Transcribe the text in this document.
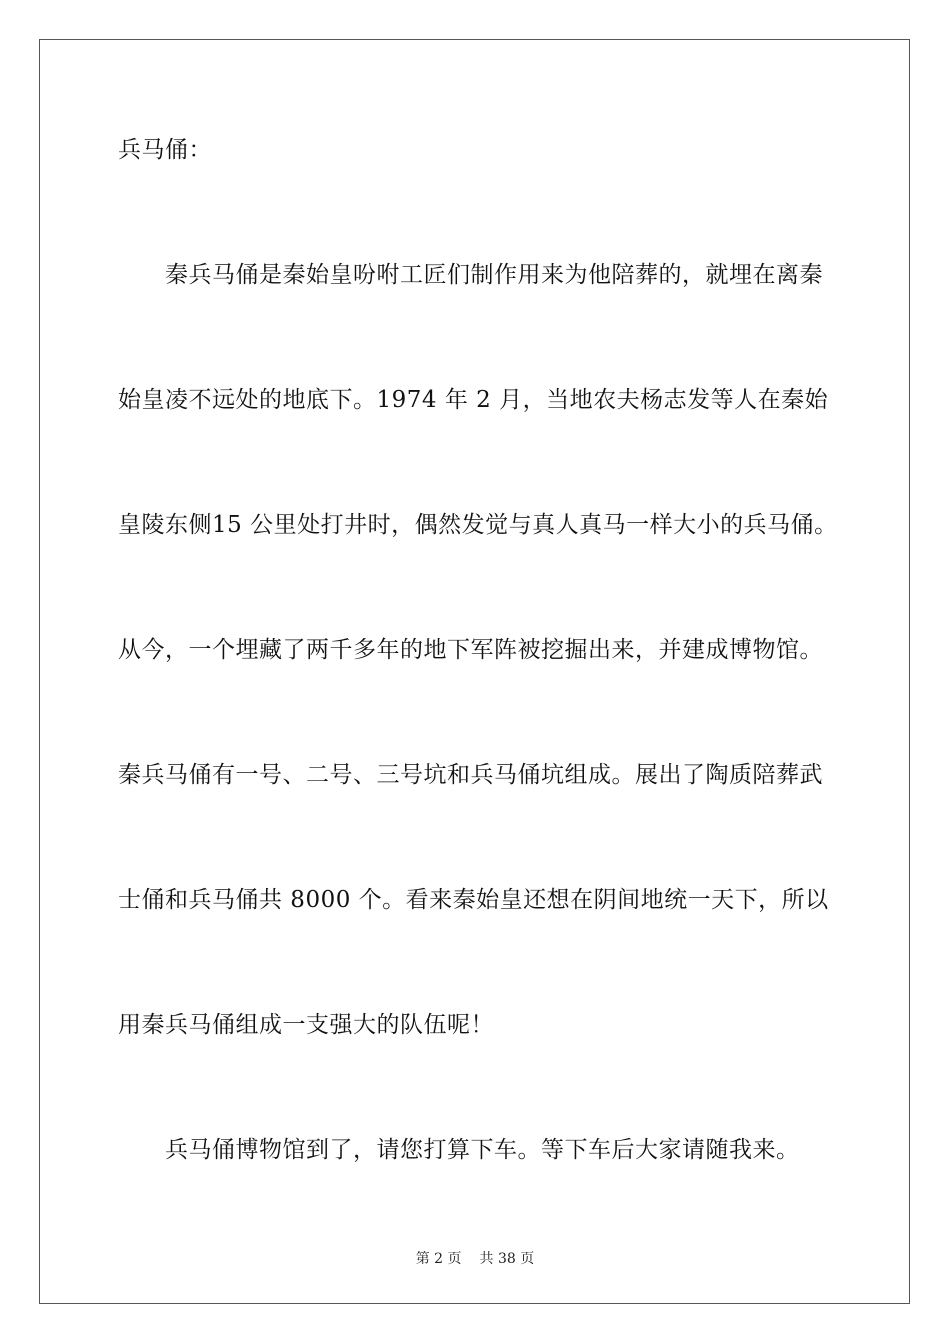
兵马俑：
秦兵马俑是秦始皇吩咐工匠们制作用来为他陪葬的，就埋在离秦
始皇凌不远处的地底下。1974 年 2 月，当地农夫杨志发等人在秦始
皇陵东侧15 公里处打井时，偶然发觉与真人真马一样大小的兵马俑。
从今，一个埋藏了两千多年的地下军阵被挖掘出来，并建成博物馆。
秦兵马俑有一号、二号、三号坑和兵马俑坑组成。展出了陶质陪葬武
士俑和兵马俑共 8000 个。看来秦始皇还想在阴间地统一天下，所以
用秦兵马俑组成一支强大的队伍呢！
兵马俑博物馆到了，请您打算下车。等下车后大家请随我来。
第 2 页 共 38 页
